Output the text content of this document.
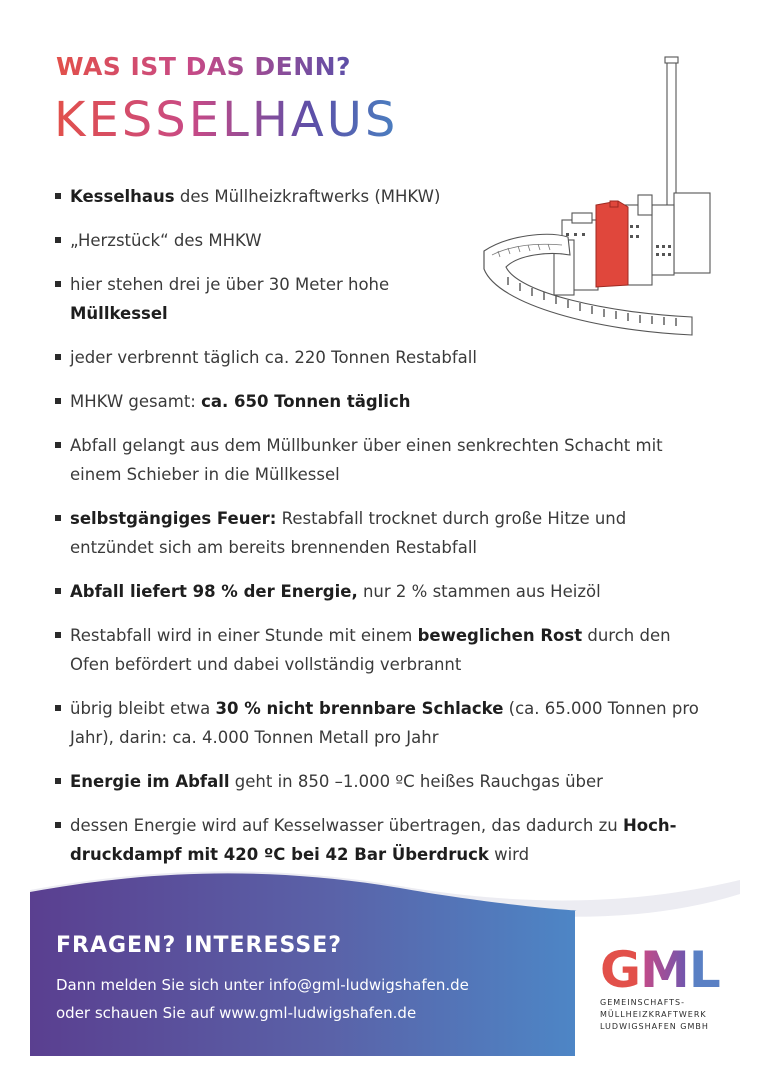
WAS IST DAS DENN?
KESSELHAUS
Kesselhaus des Müllheizkraftwerks (MHKW)
„Herzstück“ des MHKW
hier stehen drei je über 30 Meter hohe Müllkessel
jeder verbrennt täglich ca. 220 Tonnen Restabfall
MHKW gesamt: ca. 650 Tonnen täglich
Abfall gelangt aus dem Müllbunker über einen senkrechten Schacht mit einem Schieber in die Müllkessel
selbstgängiges Feuer: Restabfall trocknet durch große Hitze und entzündet sich am bereits brennenden Restabfall
Abfall liefert 98 % der Energie, nur 2 % stammen aus Heizöl
Restabfall wird in einer Stunde mit einem beweglichen Rost durch den Ofen befördert und dabei vollständig verbrannt
übrig bleibt etwa 30 % nicht brennbare Schlacke (ca. 65.000 Tonnen pro Jahr), darin: ca. 4.000 Tonnen Metall pro Jahr
Energie im Abfall geht in 850 –1.000 ºC heißes Rauchgas über
dessen Energie wird auf Kesselwasser übertragen, das dadurch zu Hoch-druckdampf mit 420 ºC bei 42 Bar Überdruck wird
FRAGEN? INTERESSE?
Dann melden Sie sich unter info@gml-ludwigshafen.de
oder schauen Sie auf www.gml-ludwigshafen.de
GML
GEMEINSCHAFTS-
MÜLLHEIZKRAFTWERK
LUDWIGSHAFEN GMBH
